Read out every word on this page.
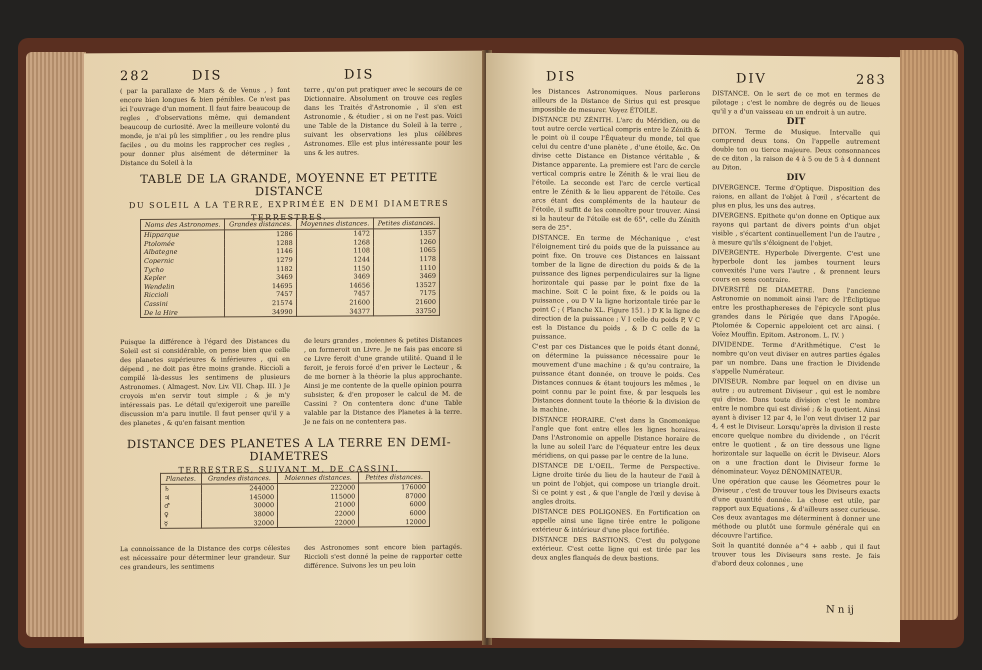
282	DIS	DIS

( par la parallaxe de Mars & de Venus , ) font encore bien longues & bien pénibles. Ce n'est pas ici l'ouvrage d'un moment. Il faut faire beaucoup de regles , d'observations même, qui demandent beaucoup de curiosité. Avec la meilleure volonté du monde, je n'ai pû les simplifier , ou les rendre plus faciles , ou du moins les rapprocher ces regles , pour donner plus aisément de déterminer la Distance du Soleil à la

terre , qu'on put pratiquer avec le secours de ce Dictionnaire. Absolument on trouve ces regles dans les Traités d'Astronomie , il s'en est Astronomie , & étudier , si on ne l'est pas. Voici une Table de la Distance du Soleil à la terre , suivant les observations les plus célébres Astronomes. Elle est plus intéressante pour les uns & les autres.

TABLE DE LA GRANDE, MOYENNE ET PETITE DISTANCE
DU SOLEIL A LA TERRE, EXPRIMÉE EN DEMI DIAMETRES TERRESTRES.
Noms des Astronomes.	Grandes distances.	Moyennes distances.	Petites distances.
Hipparque	1286	1472	1357
Ptolomée	1288	1268	1260
Albategne	1146	1108	1065
Copernic	1279	1244	1178
Tycho	1182	1150	1110
Kepler	3469	3469	3469
Wendelin	14695	14656	13527
Riccioli	7457	7457	7175
Cassini	21574	21600	21600
De la Hire	34990	34377	33750

Puisque la différence à l'égard des Distances du Soleil est si considérable, on pense bien que celle des planetes supérieures & inférieures , qui en dépend , ne doit pas être moins grande. Riccioli a compilé là-dessus les sentimens de plusieurs Astronomes. ( Almagest. Nov. Liv. VII. Chap. III. ) Je croyois m'en servir tout simple ; & je m'y intéressais pas. Le détail qu'exigeroit une pareille discussion m'a paru inutile. Il faut penser qu'il y a des planetes , & qu'en faisant mention

de leurs grandes , moiennes & petites Distances , on formeroit un Livre. Je ne fais pas encore si ce Livre feroit d'une grande utilité. Quand il le feroit, je ferois forcé d'en priver le Lecteur , & de me borner à la théorie la plus approchante. Ainsi je me contente de la quelle opinion pourra subsister, & d'en proposer le calcul de M. de Cassini ? On contentera donc d'une Table valable par la Distance des Planetes à la terre. Je ne fais on ne contentera pas.

DISTANCE DES PLANETES A LA TERRE EN DEMI-DIAMETRES
TERRESTRES, SUIVANT M. DE CASSINI.
Planetes.	Grandes distances.	Moiennes distances.	Petites distances.
♄	244000	222000	176000
♃	145000	115000	87000
♂	30000	21000	6000
♀	38000	22000	6000
☿	32000	22000	12000
La connoissance de la Distance des corps célestes est nécessaire pour déterminer leur grandeur. Sur ces grandeurs, les sentimens
des Astronomes sont encore bien partagés. Riccioli s'est donné la peine de rapporter cette différence. Suivons les un peu loin
DIS	DIV	283

les Distances Astronomiques. Nous parlerons ailleurs de la Distance de Sirius qui est presque impossible de mesurer. Voyez ÉTOILE.

DISTANCE DU ZÉNITH. L'arc du Méridien, ou de tout autre cercle vertical compris entre le Zénith & le point où il coupe l'Équateur du monde, tel que celui du centre d'une planète , d'une étoile, &c. On divise cette Distance en Distance véritable , & Distance apparente. La premiere est l'arc de cercle vertical compris entre le Zénith & le vrai lieu de l'étoile. La seconde est l'arc de cercle vertical entre le Zénith & le lieu apparent de l'étoile. Ces arcs étant des compléments de la hauteur de l'étoile, il suffit de les connoître pour trouver. Ainsi si la hauteur de l'étoile est de 65°, celle du Zénith sera de 25°.

DISTANCE. En terme de Méchanique , c'est l'éloignement tiré du poids que de la puissance au point fixe. On trouve ces Distances en laissant tomber de la ligne de direction du poids & de la puissance des lignes perpendiculaires sur la ligne horizontale qui passe par le point fixe de la machine. Soit C le point fixe, & le poids ou la puissance , ou D V la ligne horizontale tirée par le point C ; ( Planche XL. Figure 151. ) D K la ligne de direction de la puissance ; V I celle du poids P, V C est la Distance du poids , & D C celle de la puissance.

C'est par ces Distances que le poids étant donné, on détermine la puissance nécessaire pour le mouvement d'une machine ; & qu'au contraire, la puissance étant donnée, on trouve le poids. Ces Distances connues & étant toujours les mêmes , le point connu par le point fixe, & par lesquels les Distances donnent toute la théorie & la division de la machine.

DISTANCE HORAIRE. C'est dans la Gnomonique l'angle que font entre elles les lignes horaires. Dans l'Astronomie on appelle Distance horaire de la lune au soleil l'arc de l'équateur entre les deux méridiens, on qui passe par le centre de la lune.

DISTANCE DE L'OEIL. Terme de Perspective. Ligne droite tirée du lieu de la hauteur de l'œil à un point de l'objet, qui compose un triangle droit. Si ce point y est , & que l'angle de l'œil y devise à angles droits.

DISTANCE DES POLIGONES. En Fortification on appelle ainsi une ligne tirée entre le poligone extérieur & intérieur d'une place fortifiée.

DISTANCE DES BASTIONS. C'est du polygone extérieur. C'est cette ligne qui est tirée par les deux angles flanqués de deux bastions.

DISTANCE. On le sert de ce mot en termes de pilotage ; c'est le nombre de degrés ou de lieues qu'il y a d'un vaisseau en un endroit à un autre.

DIT

DITON. Terme de Musique. Intervalle qui comprend deux tons. On l'appelle autrement double ton ou tierce majeure. Deux consonnances de ce diton , la raison de 4 à 5 ou de 5 à 4 donnent au Diton.

DIV

DIVERGENCE. Terme d'Optique. Disposition des raions, en allant de l'objet à l'œil , s'écartent de plus en plus, les uns des autres.

DIVERGENS. Epithete qu'on donne en Optique aux rayons qui partant de divers points d'un objet visible , s'écartent continuellement l'un de l'autre , à mesure qu'ils s'éloignent de l'objet.

DIVERGENTE. Hyperbole Divergente. C'est une hyperbole dont les jambes tournent leurs convexités l'une vers l'autre , & prennent leurs cours en sens contraire.

DIVERSITÉ DE DIAMETRE. Dans l'ancienne Astronomie on nommoit ainsi l'arc de l'Écliptique entre les prosthaphereses de l'épicycle sont plus grandes dans le Périgée que dans l'Apogée. Ptolomée & Copernic appeloient cet arc ainsi. ( Voïez Mouffin. Epitom. Astronom. L. IV. )

DIVIDENDE. Terme d'Arithmétique. C'est le nombre qu'on veut diviser en autres parties égales par un nombre. Dans une fraction le Dividende s'appelle Numérateur.

DIVISEUR. Nombre par lequel on en divise un autre ; ou autrement Diviseur , qui est le nombre qui divise. Dans toute division c'est le nombre entre le nombre qui est divisé ; & la quotient. Ainsi ayant à diviser 12 par 4, le l'on veut diviser 12 par 4, 4 est le Diviseur. Lorsqu'après la division il reste encore quelque nombre du dividende , on l'écrit entre le quotient , & on tire dessous une ligne horizontale sur laquelle on écrit le Diviseur. Alors on a une fraction dont le Diviseur forme le dénominateur. Voyez DÉNOMINATEUR.

Une opération que cause les Géometres pour le Diviseur , c'est de trouver tous les Diviseurs exacts d'une quantité donnée. La chose est utile, par rapport aux Equations , & d'ailleurs assez curieuse. Ces deux avantages me déterminent à donner une méthode ou plutôt une formule générale qui en découvre l'artifice.

Soit la quantité donnée a^4 + aabb , qui il faut trouver tous les Diviseurs sans reste. Je fais d'abord deux colonnes , une

N n ij
